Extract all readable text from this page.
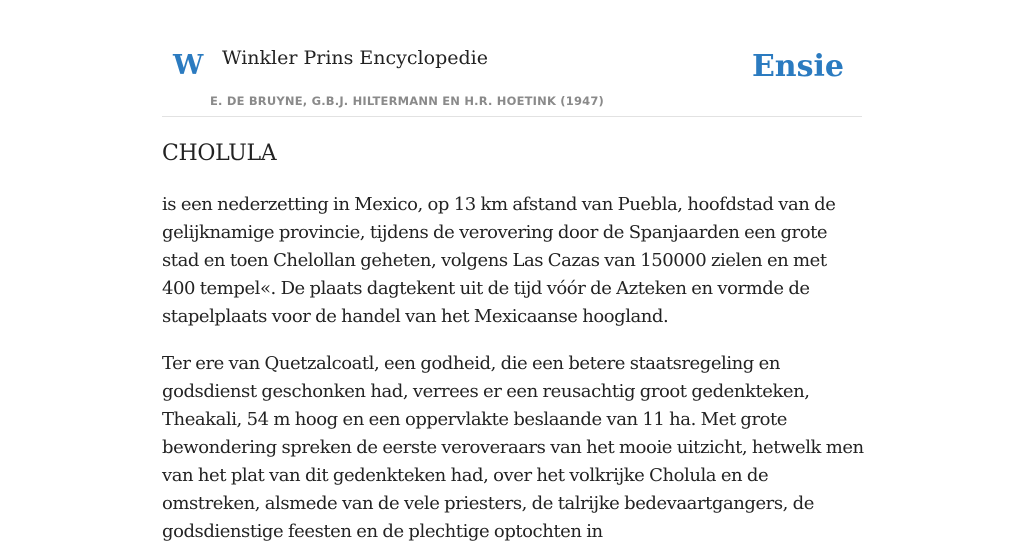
W Winkler Prins Encyclopedie
E. DE BRUYNE, G.B.J. HILTERMANN EN H.R. HOETINK (1947)
Ensie
CHOLULA

is een nederzetting in Mexico, op 13 km afstand van Puebla, hoofdstad van de gelijknamige provincie, tijdens de verovering door de Spanjaarden een grote stad en toen Chelollan geheten, volgens Las Cazas van 150000 zielen en met 400 tempel«. De plaats dagtekent uit de tijd vóór de Azteken en vormde de stapelplaats voor de handel van het Mexicaanse hoogland.

Ter ere van Quetzalcoatl, een godheid, die een betere staatsregeling en godsdienst geschonken had, verrees er een reusachtig groot gedenkteken, Theakali, 54 m hoog en een oppervlakte beslaande van 11 ha. Met grote bewondering spreken de eerste veroveraars van het mooie uitzicht, hetwelk men van het plat van dit gedenkteken had, over het volkrijke Cholula en de omstreken, alsmede van de vele priesters, de talrijke bedevaartgangers, de godsdienstige feesten en de plechtige optochten in
